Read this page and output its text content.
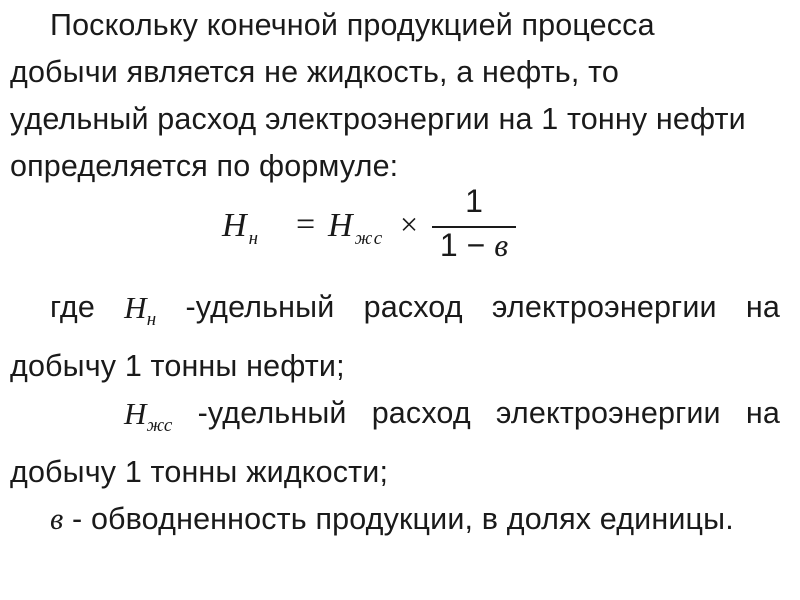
Поскольку конечной продукцией процесса
добычи является не жидкость, а нефть, то
удельный расход электроэнергии на 1 тонну нефти
определяется по формуле:
$Н_н = Н_{жс}$ ×
1
1 − в
где $Н_н$ -удельный расход электроэнергии на
добычу 1 тонны нефти;
$Н_{жс}$ -удельный расход электроэнергии на
добычу 1 тонны жидкости;
в - обводненность продукции, в долях единицы.
